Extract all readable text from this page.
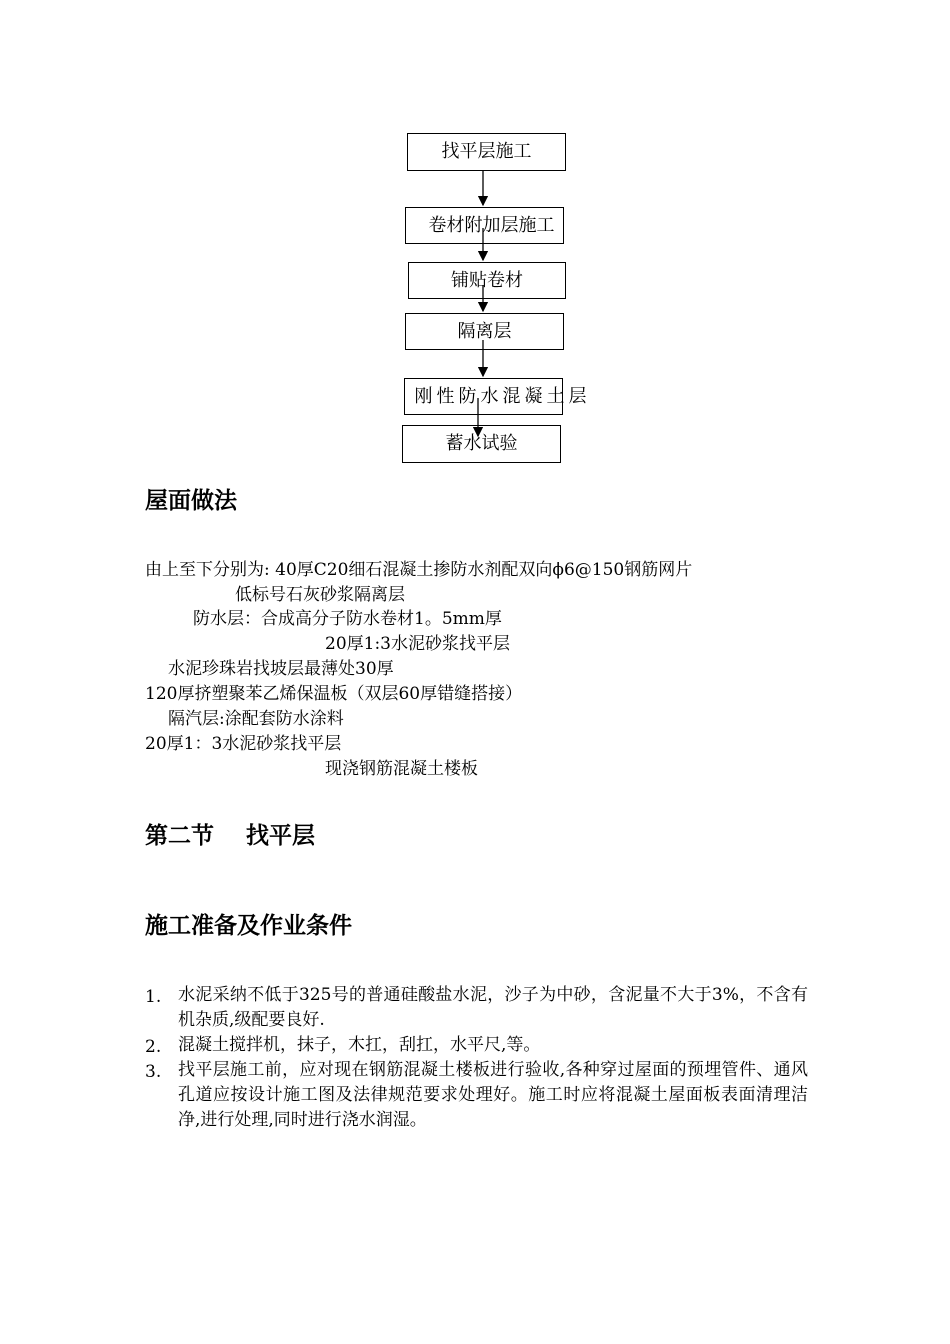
找平层施工
卷材附加层施工
铺贴卷材
隔离层
刚性防水混凝土层
蓄水试验
屋面做法
由上至下分别为: 40厚C20细石混凝土掺防水剂配双向ϕ6@150钢筋网片
低标号石灰砂浆隔离层
防水层：合成高分子防水卷材1。5mm厚
20厚1:3水泥砂浆找平层
水泥珍珠岩找坡层最薄处30厚
120厚挤塑聚苯乙烯保温板（双层60厚错缝搭接）
隔汽层:涂配套防水涂料
20厚1：3水泥砂浆找平层
现浇钢筋混凝土楼板
第二节    找平层
施工准备及作业条件
1. 水泥采纳不低于325号的普通硅酸盐水泥，沙子为中砂，含泥量不大于3%，不含有机杂质,级配要良好.
2. 混凝土搅拌机，抹子，木扛，刮扛，水平尺,等。
3. 找平层施工前，应对现在钢筋混凝土楼板进行验收,各种穿过屋面的预埋管件、通风孔道应按设计施工图及法律规范要求处理好。施工时应将混凝土屋面板表面清理洁净,进行处理,同时进行浇水润湿。
